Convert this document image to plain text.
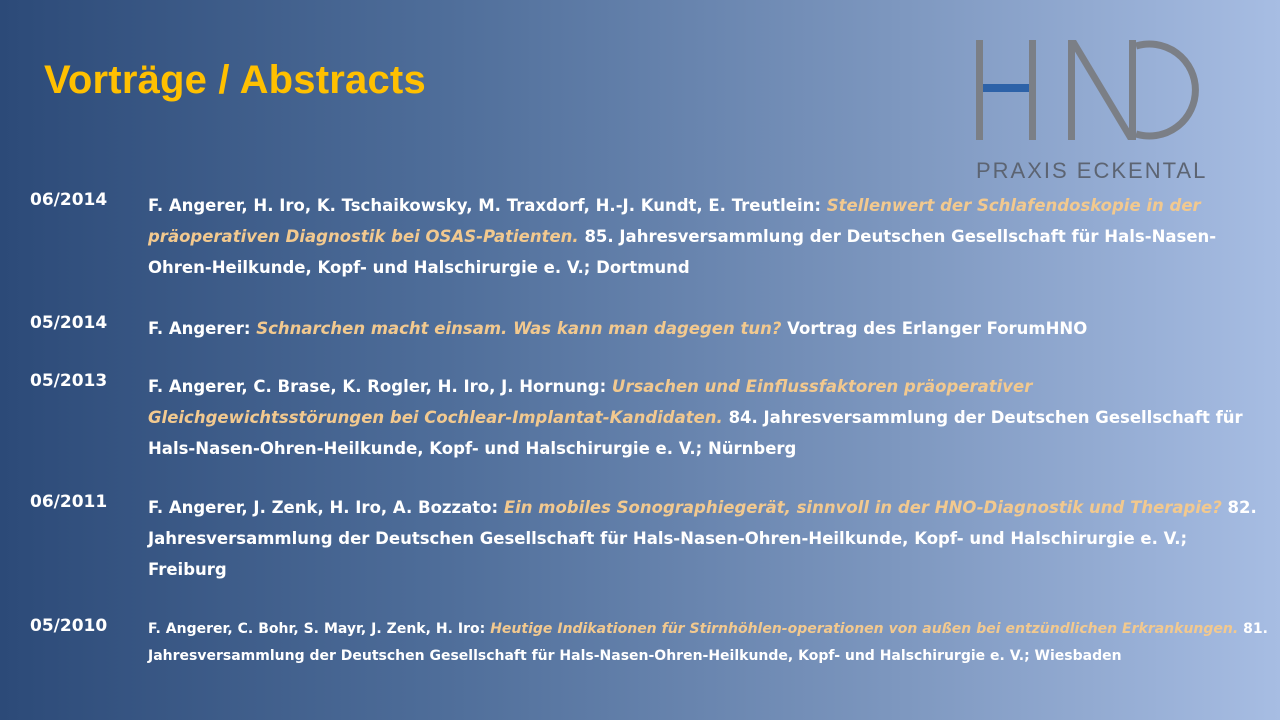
Vorträge / Abstracts
PRAXIS ECKENTAL
06/2014 F. Angerer, H. Iro, K. Tschaikowsky, M. Traxdorf, H.-J. Kundt, E. Treutlein: Stellenwert der Schlafendoskopie in der präoperativen Diagnostik bei OSAS-Patienten. 85. Jahresversammlung der Deutschen Gesellschaft für Hals-Nasen-Ohren-Heilkunde, Kopf- und Halschirurgie e. V.; Dortmund
05/2014 F. Angerer: Schnarchen macht einsam. Was kann man dagegen tun? Vortrag des Erlanger ForumHNO
05/2013 F. Angerer, C. Brase, K. Rogler, H. Iro, J. Hornung: Ursachen und Einflussfaktoren präoperativer Gleichgewichtsstörungen bei Cochlear-Implantat-Kandidaten. 84. Jahresversammlung der Deutschen Gesellschaft für Hals-Nasen-Ohren-Heilkunde, Kopf- und Halschirurgie e. V.; Nürnberg
06/2011 F. Angerer, J. Zenk, H. Iro, A. Bozzato: Ein mobiles Sonographiegerät, sinnvoll in der HNO-Diagnostik und Therapie? 82. Jahresversammlung der Deutschen Gesellschaft für Hals-Nasen-Ohren-Heilkunde, Kopf- und Halschirurgie e. V.; Freiburg
05/2010	F. Angerer, C. Bohr, S. Mayr, J. Zenk, H. Iro: Heutige Indikationen für Stirnhöhlen-operationen von außen bei entzündlichen Erkrankungen. 81. Jahresversammlung der Deutschen Gesellschaft für Hals-Nasen-Ohren-Heilkunde, Kopf- und Halschirurgie e. V.; Wiesbaden
